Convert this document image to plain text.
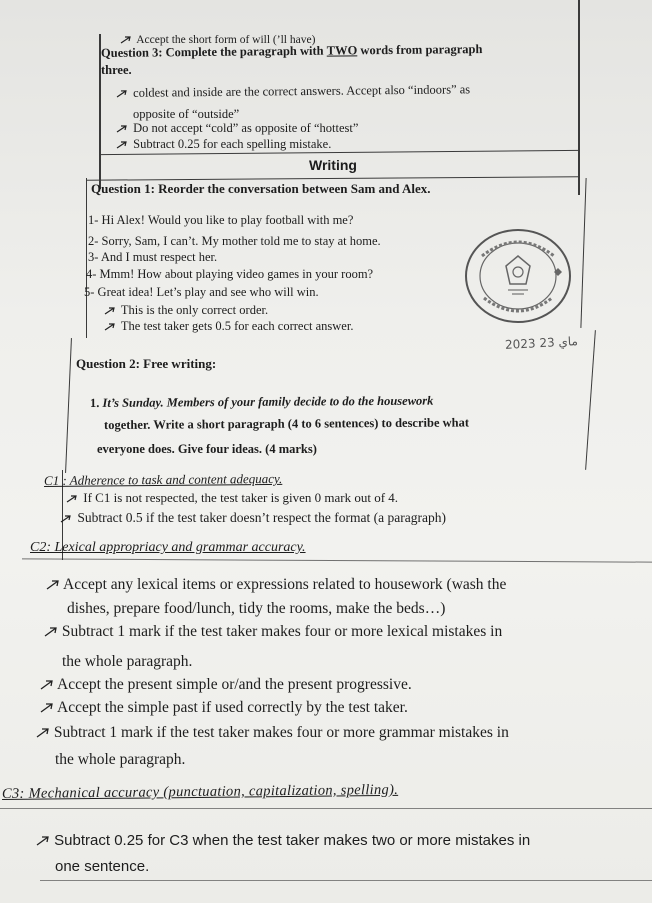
Accept the short form of will (’ll have)
Question 3: Complete the paragraph with TWO words from paragraph
three.
coldest and inside are the correct answers. Accept also “indoors” as
opposite of “outside”
Do not accept “cold” as opposite of “hottest”
Subtract 0.25 for each spelling mistake.
Writing
Question 1: Reorder the conversation between Sam and Alex.
1- Hi Alex! Would you like to play football with me?
2- Sorry, Sam, I can’t. My mother told me to stay at home.
3- And I must respect her.
4- Mmm! How about playing video games in your room?
5- Great idea! Let’s play and see who will win.
This is the only correct order.
The test taker gets 0.5 for each correct answer.
2023 ماي 23
Question 2: Free writing:
1. It’s Sunday. Members of your family decide to do the housework
together. Write a short paragraph (4 to 6 sentences) to describe what
everyone does. Give four ideas. (4 marks)
C1 : Adherence to task and content adequacy.
If C1 is not respected, the test taker is given 0 mark out of 4.
Subtract 0.5 if the test taker doesn’t respect the format (a paragraph)
C2: Lexical appropriacy and grammar accuracy.
Accept any lexical items or expressions related to housework (wash the
dishes, prepare food/lunch, tidy the rooms, make the beds…)
Subtract 1 mark if the test taker makes four or more lexical mistakes in
the whole paragraph.
Accept the present simple or/and the present progressive.
Accept the simple past if used correctly by the test taker.
Subtract 1 mark if the test taker makes four or more grammar mistakes in
the whole paragraph.
C3: Mechanical accuracy (punctuation, capitalization, spelling).
Subtract 0.25 for C3 when the test taker makes two or more mistakes in
one sentence.
